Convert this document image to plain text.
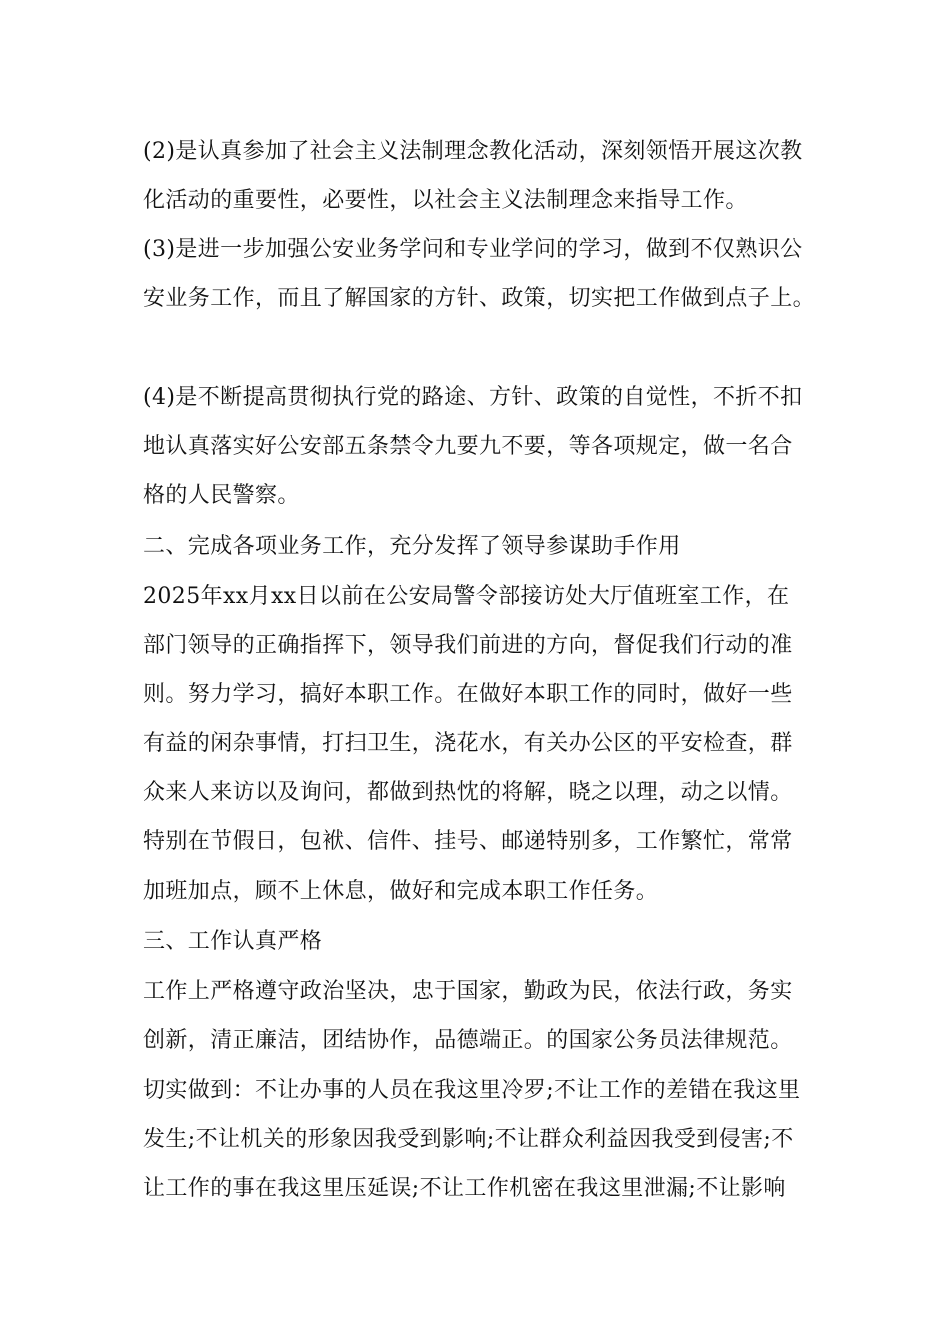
(2)是认真参加了社会主义法制理念教化活动，深刻领悟开展这次教
化活动的重要性，必要性，以社会主义法制理念来指导工作。
(3)是进一步加强公安业务学问和专业学问的学习，做到不仅熟识公
安业务工作，而且了解国家的方针、政策，切实把工作做到点子上。
(4)是不断提高贯彻执行党的路途、方针、政策的自觉性，不折不扣
地认真落实好公安部五条禁令九要九不要，等各项规定，做一名合
格的人民警察。
二、完成各项业务工作，充分发挥了领导参谋助手作用
2025年xx月xx日以前在公安局警令部接访处大厅值班室工作，在
部门领导的正确指挥下，领导我们前进的方向，督促我们行动的准
则。努力学习，搞好本职工作。在做好本职工作的同时，做好一些
有益的闲杂事情，打扫卫生，浇花水，有关办公区的平安检查，群
众来人来访以及询问，都做到热忱的将解，晓之以理，动之以情。
特别在节假日，包袱、信件、挂号、邮递特别多，工作繁忙，常常
加班加点，顾不上休息，做好和完成本职工作任务。
三、工作认真严格
工作上严格遵守政治坚决，忠于国家，勤政为民，依法行政，务实
创新，清正廉洁，团结协作，品德端正。的国家公务员法律规范。
切实做到：不让办事的人员在我这里冷罗;不让工作的差错在我这里
发生;不让机关的形象因我受到影响;不让群众利益因我受到侵害;不
让工作的事在我这里压延误;不让工作机密在我这里泄漏;不让影响
